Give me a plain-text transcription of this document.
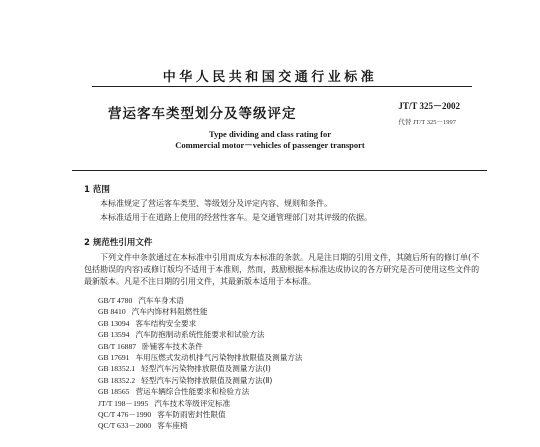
中华人民共和国交通行业标准
营运客车类型划分及等级评定	JT/T 325－2002
代替 JT/T 325－1997
Type dividing and class rating for
Commercial motor－vehicles of passenger transport
1 范围
本标准规定了营运客车类型、等级划分及评定内容、规则和条件。
本标准适用于在道路上使用的经营性客车。是交通管理部门对其评级的依据。
2 规范性引用文件
下列文件中条款通过在本标准中引用而成为本标准的条款。凡是注日期的引用文件，其随后所有的修订单(不包括勘误的内容)或修订版均不适用于本准则，然而，鼓励根据本标准达成协议的各方研究是否可使用这些文件的最新版本。凡是不注日期的引用文件，其最新版本适用于本标准。
GB/T 4780 汽车车身术语
GB 8410 汽车内饰材料阻燃性能
GB 13094 客车结构安全要求
GB 13594 汽车防抱制动系统性能要求和试验方法
GB/T 16887 卧铺客车技术条件
GB 17691 车用压燃式发动机排气污染物排放限值及测量方法
GB 18352.1 轻型汽车污染物排放限值及测量方法(Ⅰ)
GB 18352.2 轻型汽车污染物排放限值及测量方法(Ⅱ)
GB 18565 营运车辆综合性能要求和检验方法
JT/T 198－1995 汽车技术等级评定标准
QC/T 476－1990 客车防雨密封性限值
QC/T 633－2000 客车座椅
